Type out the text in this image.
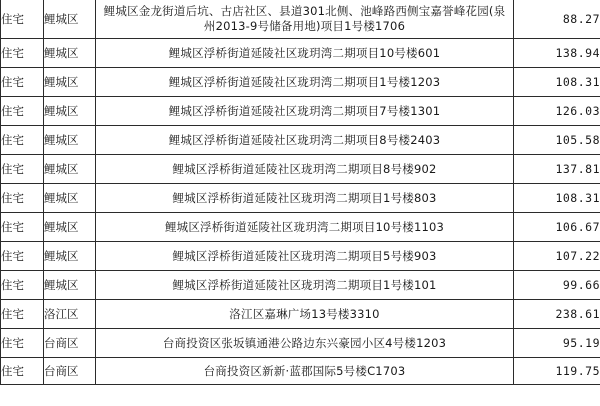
住宅	鲤城区	鲤城区金龙街道后坑、古店社区、县道301北侧、池峰路西侧宝嘉誉峰花园(泉州2013-9号储备用地)项目1号楼1706	88.27
住宅	鲤城区	鲤城区浮桥街道延陵社区珑玥湾二期项目10号楼601	138.94
住宅	鲤城区	鲤城区浮桥街道延陵社区珑玥湾二期项目1号楼1203	108.31
住宅	鲤城区	鲤城区浮桥街道延陵社区珑玥湾二期项目7号楼1301	126.03
住宅	鲤城区	鲤城区浮桥街道延陵社区珑玥湾二期项目8号楼2403	105.58
住宅	鲤城区	鲤城区浮桥街道延陵社区珑玥湾二期项目8号楼902	137.81
住宅	鲤城区	鲤城区浮桥街道延陵社区珑玥湾二期项目1号楼803	108.31
住宅	鲤城区	鲤城区浮桥街道延陵社区珑玥湾二期项目10号楼1103	106.67
住宅	鲤城区	鲤城区浮桥街道延陵社区珑玥湾二期项目5号楼903	107.22
住宅	鲤城区	鲤城区浮桥街道延陵社区珑玥湾二期项目1号楼101	99.66
住宅	洛江区	洛江区嘉琳广场13号楼3310	238.61
住宅	台商区	台商投资区张坂镇通港公路边东兴豪园小区4号楼1203	95.19
住宅	台商区	台商投资区新新·蓝郡国际5号楼C1703	119.75
